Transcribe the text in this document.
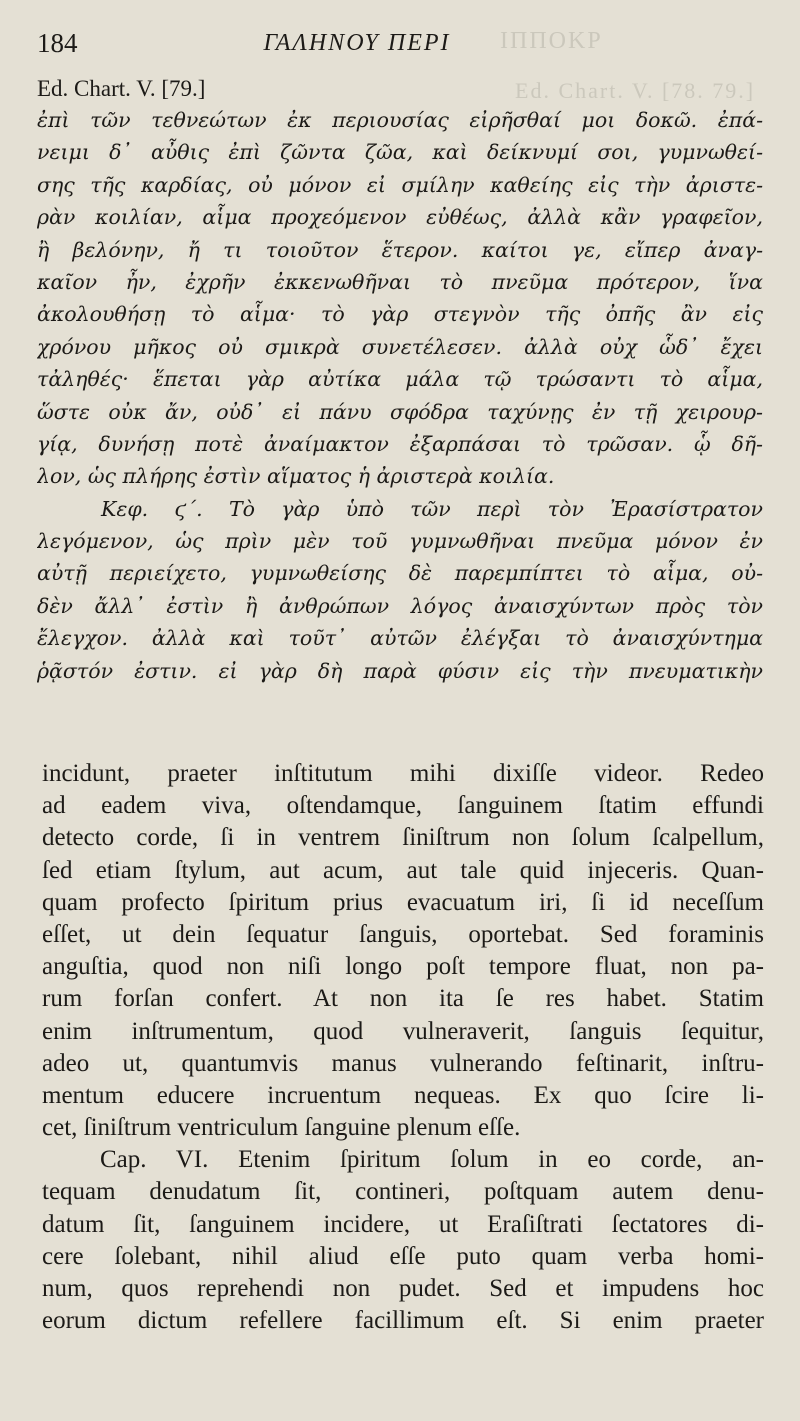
ΙΠΠΟΚΡ
Ed. Chart. V. [78. 79.]
184	ΓΑΛΗΝΟΥ ΠΕΡΙ
Ed. Chart. V. [79.]
ἐπὶ τῶν τεθνεώτων ἐκ περιουσίας εἰρῆσθαί μοι δοκῶ. ἐπά-
νειμι δ᾿ αὖθις ἐπὶ ζῶντα ζῶα, καὶ δείκνυμί σοι, γυμνωθεί-
σης τῆς καρδίας, οὐ μόνον εἰ σμίλην καθείης εἰς τὴν ἀριστε-
ρὰν κοιλίαν, αἷμα προχεόμενον εὐθέως, ἀλλὰ κἂν γραφεῖον,
ἢ βελόνην, ἤ τι τοιοῦτον ἕτερον. καίτοι γε, εἴπερ ἀναγ-
καῖον ἦν, ἐχρῆν ἐκκενωθῆναι τὸ πνεῦμα πρότερον, ἵνα
ἀκολουθήσῃ τὸ αἷμα· τὸ γὰρ στεγνὸν τῆς ὀπῆς ἂν εἰς
χρόνου μῆκος οὐ σμικρὰ συνετέλεσεν. ἀλλὰ οὐχ ὧδ᾿ ἔχει
τἀληθές· ἕπεται γὰρ αὐτίκα μάλα τῷ τρώσαντι τὸ αἷμα,
ὥστε οὐκ ἄν, οὐδ᾿ εἰ πάνυ σφόδρα ταχύνῃς ἐν τῇ χειρουρ-
γίᾳ, δυνήσῃ ποτὲ ἀναίμακτον ἐξαρπάσαι τὸ τρῶσαν. ᾧ δῆ-
λον, ὡς πλήρης ἐστὶν αἵματος ἡ ἀριστερὰ κοιλία.
Κεφ. ϛ΄. Τὸ γὰρ ὑπὸ τῶν περὶ τὸν Ἐρασίστρατον
λεγόμενον, ὡς πρὶν μὲν τοῦ γυμνωθῆναι πνεῦμα μόνον ἐν
αὐτῇ περιείχετο, γυμνωθείσης δὲ παρεμπίπτει τὸ αἷμα, οὐ-
δὲν ἄλλ᾿ ἐστὶν ἢ ἀνθρώπων λόγος ἀναισχύντων πρὸς τὸν
ἔλεγχον. ἀλλὰ καὶ τοῦτ᾿ αὐτῶν ἐλέγξαι τὸ ἀναισχύντημα
ῥᾷστόν ἐστιν. εἰ γὰρ δὴ παρὰ φύσιν εἰς τὴν πνευματικὴν
incidunt, praeter inſtitutum mihi dixiſſe videor. Redeo
ad eadem viva, oſtendamque, ſanguinem ſtatim effundi
detecto corde, ſi in ventrem ſiniſtrum non ſolum ſcalpellum,
ſed etiam ſtylum, aut acum, aut tale quid injeceris. Quan-
quam profecto ſpiritum prius evacuatum iri, ſi id neceſſum
eſſet, ut dein ſequatur ſanguis, oportebat. Sed foraminis
anguſtia, quod non niſi longo poſt tempore fluat, non pa-
rum forſan confert. At non ita ſe res habet. Statim
enim inſtrumentum, quod vulneraverit, ſanguis ſequitur,
adeo ut, quantumvis manus vulnerando feſtinarit, inſtru-
mentum educere incruentum nequeas. Ex quo ſcire li-
cet, ſiniſtrum ventriculum ſanguine plenum eſſe.
Cap. VI. Etenim ſpiritum ſolum in eo corde, an-
tequam denudatum ſit, contineri, poſtquam autem denu-
datum ſit, ſanguinem incidere, ut Eraſiſtrati ſectatores di-
cere ſolebant, nihil aliud eſſe puto quam verba homi-
num, quos reprehendi non pudet. Sed et impudens hoc
eorum dictum refellere facillimum eſt. Si enim praeter
